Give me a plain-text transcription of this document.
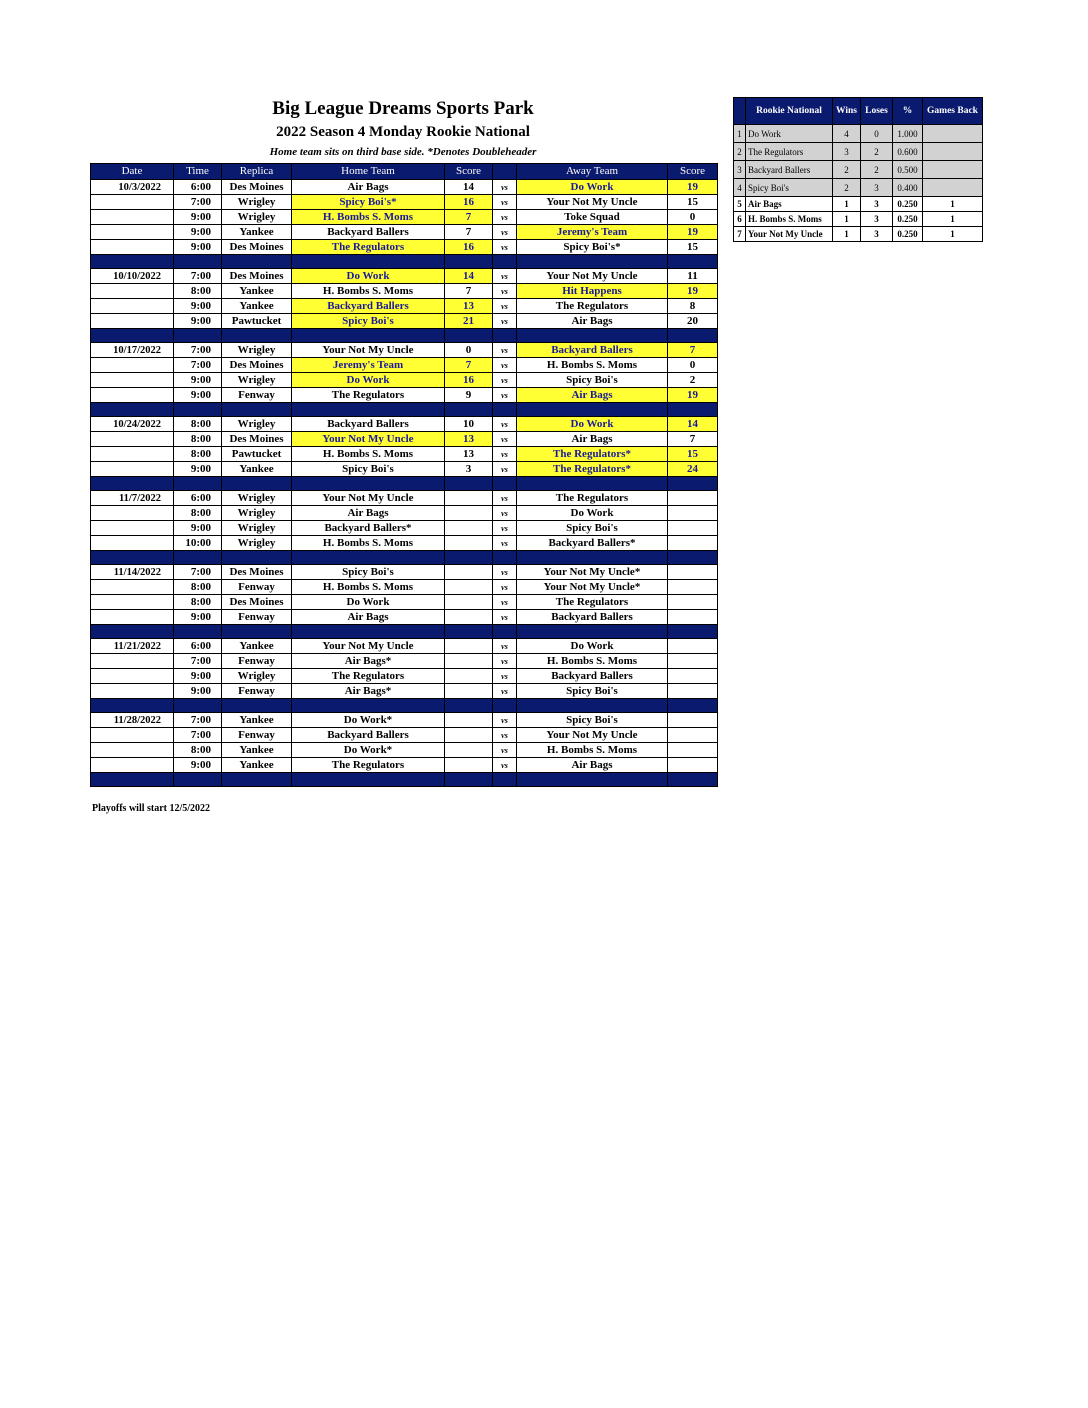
Big League Dreams Sports Park
2022 Season 4 Monday Rookie National
Home team sits on third base side. *Denotes Doubleheader
Date	Time	Replica	Home Team	Score		Away Team	Score
10/3/2022	6:00	Des Moines	Air Bags	14	vs	Do Work	19
	7:00	Wrigley	Spicy Boi's*	16	vs	Your Not My Uncle	15
	9:00	Wrigley	H. Bombs S. Moms	7	vs	Toke Squad	0
	9:00	Yankee	Backyard Ballers	7	vs	Jeremy's Team	19
	9:00	Des Moines	The Regulators	16	vs	Spicy Boi's*	15

10/10/2022	7:00	Des Moines	Do Work	14	vs	Your Not My Uncle	11
	8:00	Yankee	H. Bombs S. Moms	7	vs	Hit Happens	19
	9:00	Yankee	Backyard Ballers	13	vs	The Regulators	8
	9:00	Pawtucket	Spicy Boi's	21	vs	Air Bags	20

10/17/2022	7:00	Wrigley	Your Not My Uncle	0	vs	Backyard Ballers	7
	7:00	Des Moines	Jeremy's Team	7	vs	H. Bombs S. Moms	0
	9:00	Wrigley	Do Work	16	vs	Spicy Boi's	2
	9:00	Fenway	The Regulators	9	vs	Air Bags	19

10/24/2022	8:00	Wrigley	Backyard Ballers	10	vs	Do Work	14
	8:00	Des Moines	Your Not My Uncle	13	vs	Air Bags	7
	8:00	Pawtucket	H. Bombs S. Moms	13	vs	The Regulators*	15
	9:00	Yankee	Spicy Boi's	3	vs	The Regulators*	24

11/7/2022	6:00	Wrigley	Your Not My Uncle		vs	The Regulators	
	8:00	Wrigley	Air Bags		vs	Do Work	
	9:00	Wrigley	Backyard Ballers*		vs	Spicy Boi's	
	10:00	Wrigley	H. Bombs S. Moms		vs	Backyard Ballers*	

11/14/2022	7:00	Des Moines	Spicy Boi's		vs	Your Not My Uncle*	
	8:00	Fenway	H. Bombs S. Moms		vs	Your Not My Uncle*	
	8:00	Des Moines	Do Work		vs	The Regulators	
	9:00	Fenway	Air Bags		vs	Backyard Ballers	

11/21/2022	6:00	Yankee	Your Not My Uncle		vs	Do Work	
	7:00	Fenway	Air Bags*		vs	H. Bombs S. Moms	
	9:00	Wrigley	The Regulators		vs	Backyard Ballers	
	9:00	Fenway	Air Bags*		vs	Spicy Boi's	

11/28/2022	7:00	Yankee	Do Work*		vs	Spicy Boi's	
	7:00	Fenway	Backyard Ballers		vs	Your Not My Uncle	
	8:00	Yankee	Do Work*		vs	H. Bombs S. Moms	
	9:00	Yankee	The Regulators		vs	Air Bags	

Playoffs will start 12/5/2022
	Rookie National	Wins	Loses	%	Games Back
1	Do Work	4	0	1.000	
2	The Regulators	3	2	0.600	
3	Backyard Ballers	2	2	0.500	
4	Spicy Boi's	2	3	0.400	
5	Air Bags	1	3	0.250	1
6	H. Bombs S. Moms	1	3	0.250	1
7	Your Not My Uncle	1	3	0.250	1
